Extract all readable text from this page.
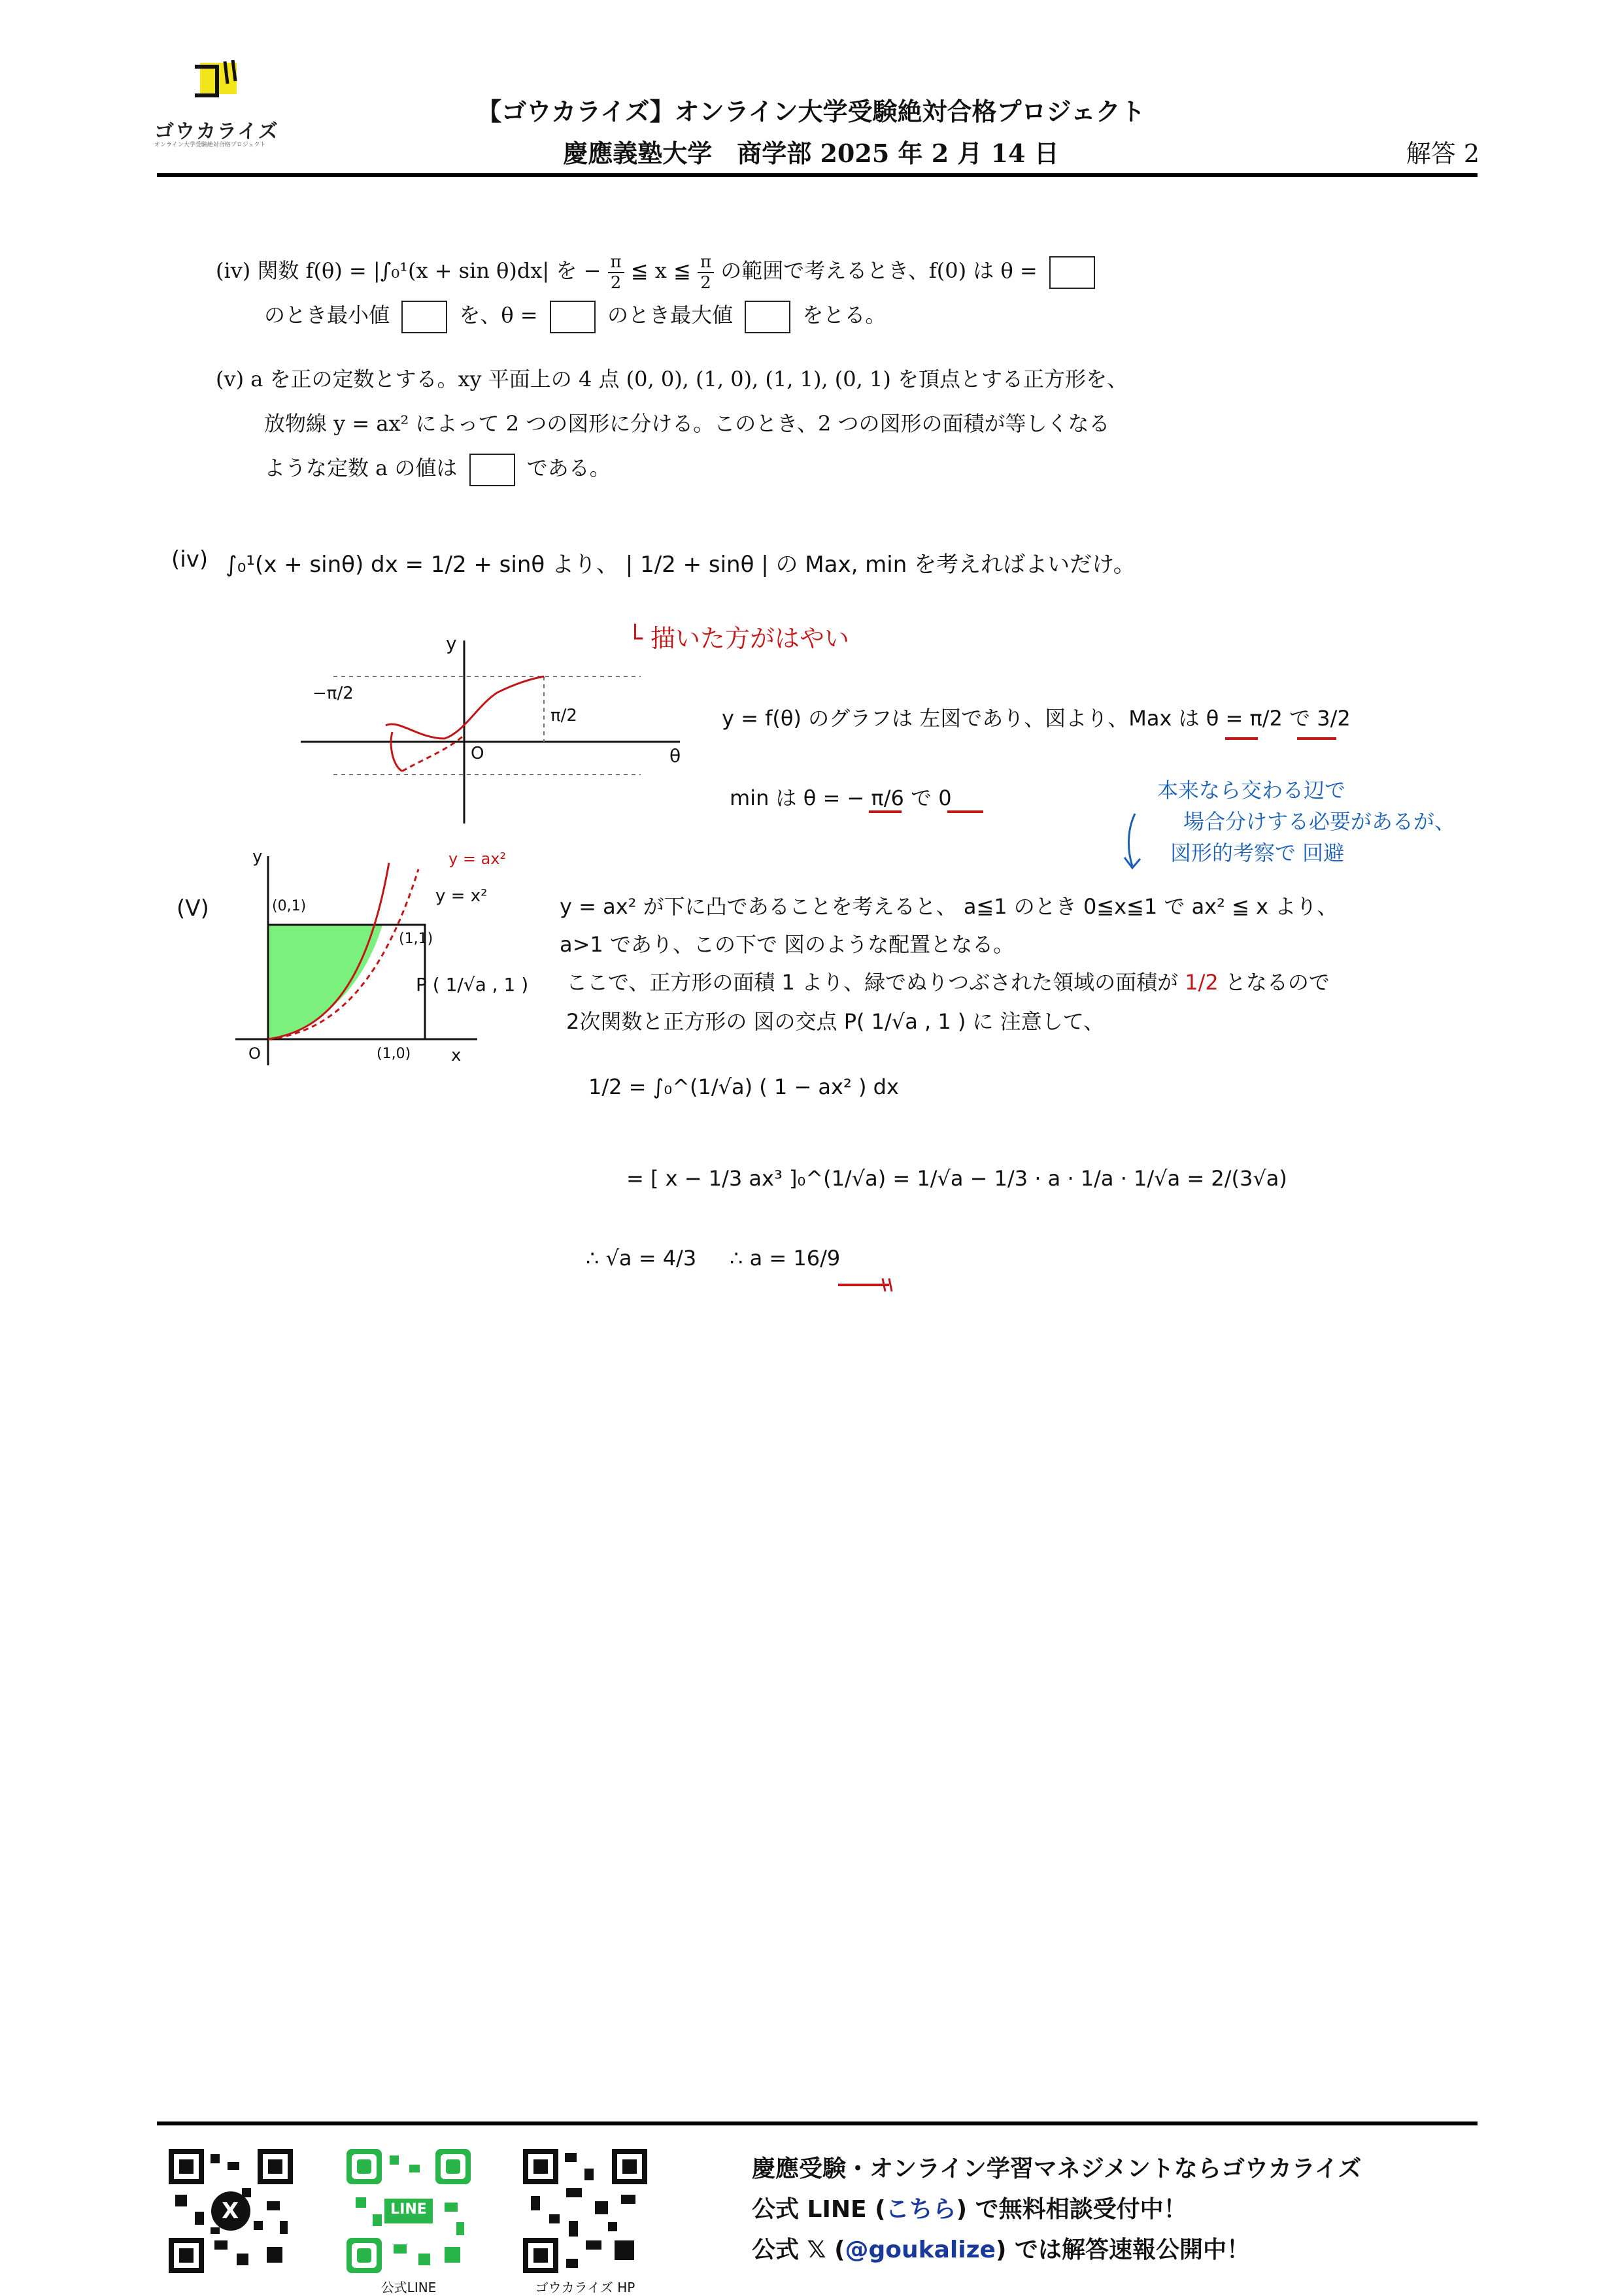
ゴウカライズ
オンライン大学受験絶対合格プロジェクト
【ゴウカライズ】オンライン大学受験絶対合格プロジェクト
慶應義塾大学　商学部 2025 年 2 月 14 日	解答 2
(iv) 関数 f(θ) = |∫₀¹(x + sin θ)dx| を − $\frac{\pi}{2}$ ≦ x ≦ $\frac{\pi}{2}$ の範囲で考えるとき、f(0) は θ =
のとき最小値	を、θ =	のとき最大値	をとる。
(v) a を正の定数とする。xy 平面上の 4 点 (0, 0), (1, 0), (1, 1), (0, 1) を頂点とする正方形を、
放物線 y = ax² によって 2 つの図形に分ける。このとき、2 つの図形の面積が等しくなる
ような定数 a の値は	である。
(iv) ∫₀¹(x + sinθ) dx = 1/2 + sinθ より、 | 1/2 + sinθ | の Max, min を考えればよいだけ。
└ 描いた方がはやい
y
θ
O
−π/2
π/2	y = f(θ) のグラフは 左図であり、図より、Max は θ = π/2 で 3/2
min は θ = − π/6 で 0	本来なら交わる辺で
場合分けする必要があるが、
図形的考察で 回避
(V)
y
x
O
(0,1)
(1,1)
(1,0)
y = ax²
y = x²
P ( 1/√a , 1 )
y = ax² が下に凸であることを考えると、 a≦1 のとき 0≦x≦1 で ax² ≦ x より、
a>1 であり、この下で 図のような配置となる。
ここで、正方形の面積 1 より、緑でぬりつぶされた領域の面積が 1/2 となるので
2次関数と正方形の 図の交点 P( 1/√a , 1 ) に 注意して、
1/2 = ∫₀^(1/√a) ( 1 − ax² ) dx
= [ x − 1/3 ax³ ]₀^(1/√a) = 1/√a − 1/3 · a · 1/a · 1/√a = 2/(3√a)
∴ √a = 4/3 ∴ a = 16/9
X	LINE
公式LINE	ゴウカライズ HP
慶應受験・オンライン学習マネジメントならゴウカライズ
公式 LINE (こちら) で無料相談受付中！
公式 𝕏 (@goukalize) では解答速報公開中！
